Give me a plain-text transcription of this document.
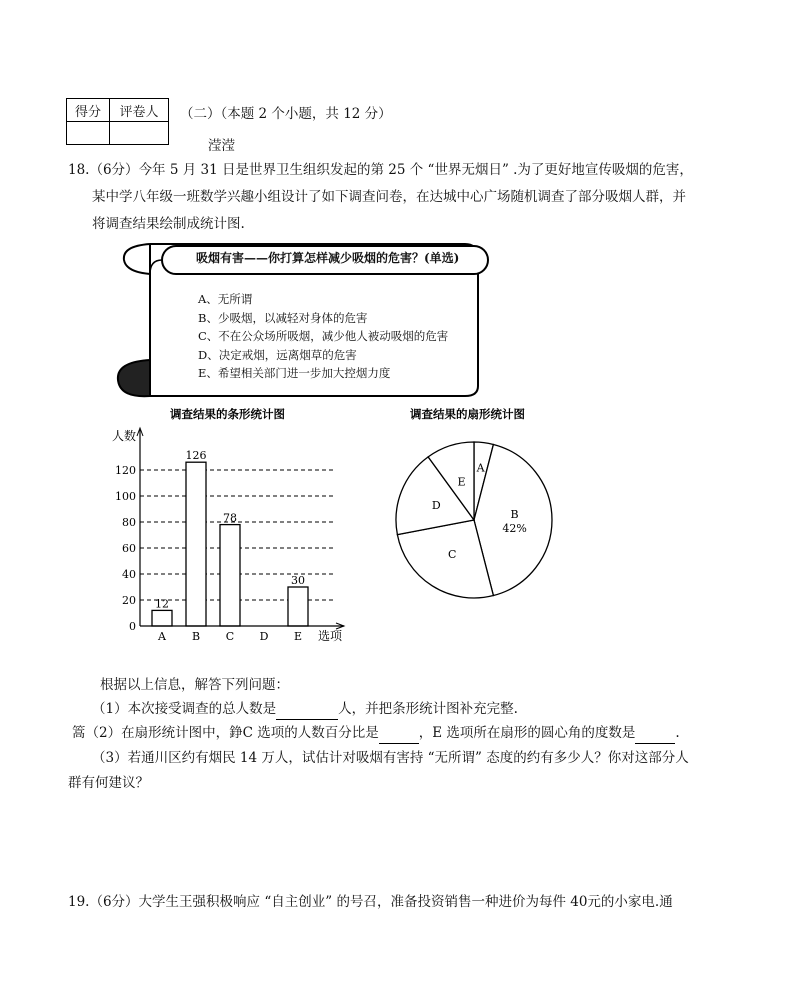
得分	评卷人
	（二）（本题 2 个小题，共 12 分）
滢滢
18.（6分）今年 5 月 31 日是世界卫生组织发起的第 25 个 “世界无烟日” .为了更好地宣传吸烟的危害，
某中学八年级一班数学兴趣小组设计了如下调查问卷，在达城中心广场随机调查了部分吸烟人群，并
将调查结果绘制成统计图.
吸烟有害——你打算怎样减少吸烟的危害？(单选)
A、无所谓
B、少吸烟，以减轻对身体的危害
C、不在公众场所吸烟，减少他人被动吸烟的危害
D、决定戒烟，远离烟草的危害
E、希望相关部门进一步加大控烟力度
调查结果的条形统计图
人数
选项
0
20
40
60
80
100
120
A B C D E
12
126
78
30
调查结果的扇形统计图
A
B
42%
C
D
E
根据以上信息，解答下列问题：
（1）本次接受调查的总人数是	人，并把条形统计图补充完整.
篙（2）在扇形统计图中，錚C 选项的人数百分比是	，E 选项所在扇形的圆心角的度数是	.
（3）若通川区约有烟民 14 万人，试估计对吸烟有害持 “无所谓” 态度的约有多少人？你对这部分人
群有何建议？
19.（6分）大学生王强积极响应 “自主创业” 的号召，准备投资销售一种进价为每件 40元的小家电.通
